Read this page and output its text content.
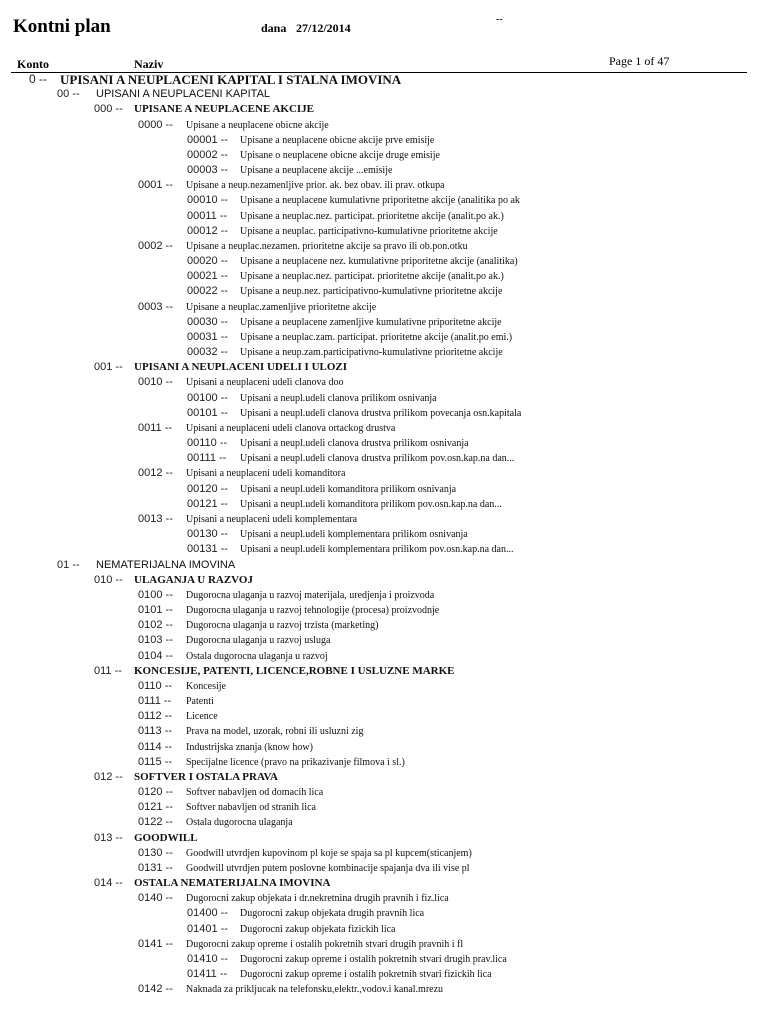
Kontni plan	dana 27/12/2014
--
Konto	Naziv	Page 1 of 47
0 -- UPISANI A NEUPLACENI KAPITAL I STALNA IMOVINA
00 -- UPISANI A NEUPLACENI KAPITAL
000 -- UPISANE A NEUPLACENE AKCIJE
0000 -- Upisane a neuplacene obicne akcije
00001 -- Upisane a neuplacene obicne akcije prve emisije
00002 -- Upisane o neuplacene obicne akcije druge emisije
00003 -- Upisane a neuplacene akcije ...emisije
0001 -- Upisane a neup.nezamenljive prior. ak. bez obav. ili prav. otkupa
00010 -- Upisane a neuplacene kumulativne priporitetne akcije (analitika po ak
00011 -- Upisane a neuplac.nez. participat. prioritetne akcije (analit.po ak.)
00012 -- Upisane a neuplac. participativno-kumulativne prioritetne akcije
0002 -- Upisane a neuplac.nezamen. prioritetne akcije sa pravo ili ob.pon.otku
00020 -- Upisane a neuplacene nez. kumulativne priporitetne akcije (analitika)
00021 -- Upisane a neuplac.nez. participat. prioritetne akcije (analit.po ak.)
00022 -- Upisane a neup.nez. participativno-kumulativne prioritetne akcije
0003 -- Upisane a neuplac.zamenljive prioritetne akcije
00030 -- Upisane a neuplacene zamenljive kumulativne priporitetne akcije
00031 -- Upisane a neuplac.zam. participat. prioritetne akcije (analit.po emi.)
00032 -- Upisane a neup.zam.participativno-kumulativne prioritetne akcije
001 -- UPISANI A NEUPLACENI UDELI I ULOZI
0010 -- Upisani a neuplaceni udeli clanova doo
00100 -- Upisani a neupl.udeli clanova prilikom osnivanja
00101 -- Upisani a neupl.udeli clanova drustva prilikom povecanja osn.kapitala
0011 -- Upisani a neuplaceni udeli clanova ortackog drustva
00110 -- Upisani a neupl.udeli clanova drustva prilikom osnivanja
00111 -- Upisani a neupl.udeli clanova drustva prilikom pov.osn.kap.na dan...
0012 -- Upisani a neuplaceni udeli komanditora
00120 -- Upisani a neupl.udeli komanditora prilikom osnivanja
00121 -- Upisani a neupl.udeli komanditora prilikom pov.osn.kap.na dan...
0013 -- Upisani a neuplaceni udeli komplementara
00130 -- Upisani a neupl.udeli komplementara prilikom osnivanja
00131 -- Upisani a neupl.udeli komplementara prilikom pov.osn.kap.na dan...
01 -- NEMATERIJALNA IMOVINA
010 -- ULAGANJA U RAZVOJ
0100 -- Dugorocna ulaganja u razvoj materijala, uredjenja i proizvoda
0101 -- Dugorocna ulaganja u razvoj tehnologije (procesa) proizvodnje
0102 -- Dugorocna ulaganja u razvoj trzista (marketing)
0103 -- Dugorocna ulaganja u razvoj usluga
0104 -- Ostala dugorocna ulaganja u razvoj
011 -- KONCESIJE, PATENTI, LICENCE,ROBNE I USLUZNE MARKE
0110 -- Koncesije
0111 -- Patenti
0112 -- Licence
0113 -- Prava na model, uzorak, robni ili usluzni zig
0114 -- Industrijska znanja (know how)
0115 -- Specijalne licence (pravo na prikazivanje filmova i sl.)
012 -- SOFTVER I OSTALA PRAVA
0120 -- Softver nabavljen od domacih lica
0121 -- Softver nabavljen od stranih lica
0122 -- Ostala dugorocna ulaganja
013 -- GOODWILL
0130 -- Goodwill utvrdjen kupovinom pl koje se spaja sa pl kupcem(sticanjem)
0131 -- Goodwill utvrdjen putem poslovne kombinacije spajanja dva ili vise pl
014 -- OSTALA NEMATERIJALNA IMOVINA
0140 -- Dugorocni zakup objekata i dr.nekretnina drugih pravnih i fiz.lica
01400 -- Dugorocni zakup objekata drugih pravnih lica
01401 -- Dugorocni zakup objekata fizickih lica
0141 -- Dugorocni zakup opreme i ostalih pokretnih stvari drugih pravnih i fl
01410 -- Dugorocni zakup opreme i ostalih pokretnih stvari drugih prav.lica
01411 -- Dugorocni zakup opreme i ostalih pokretnih stvari fizickih lica
0142 -- Naknada za prikljucak na telefonsku,elektr.,vodov.i kanal.mrezu
